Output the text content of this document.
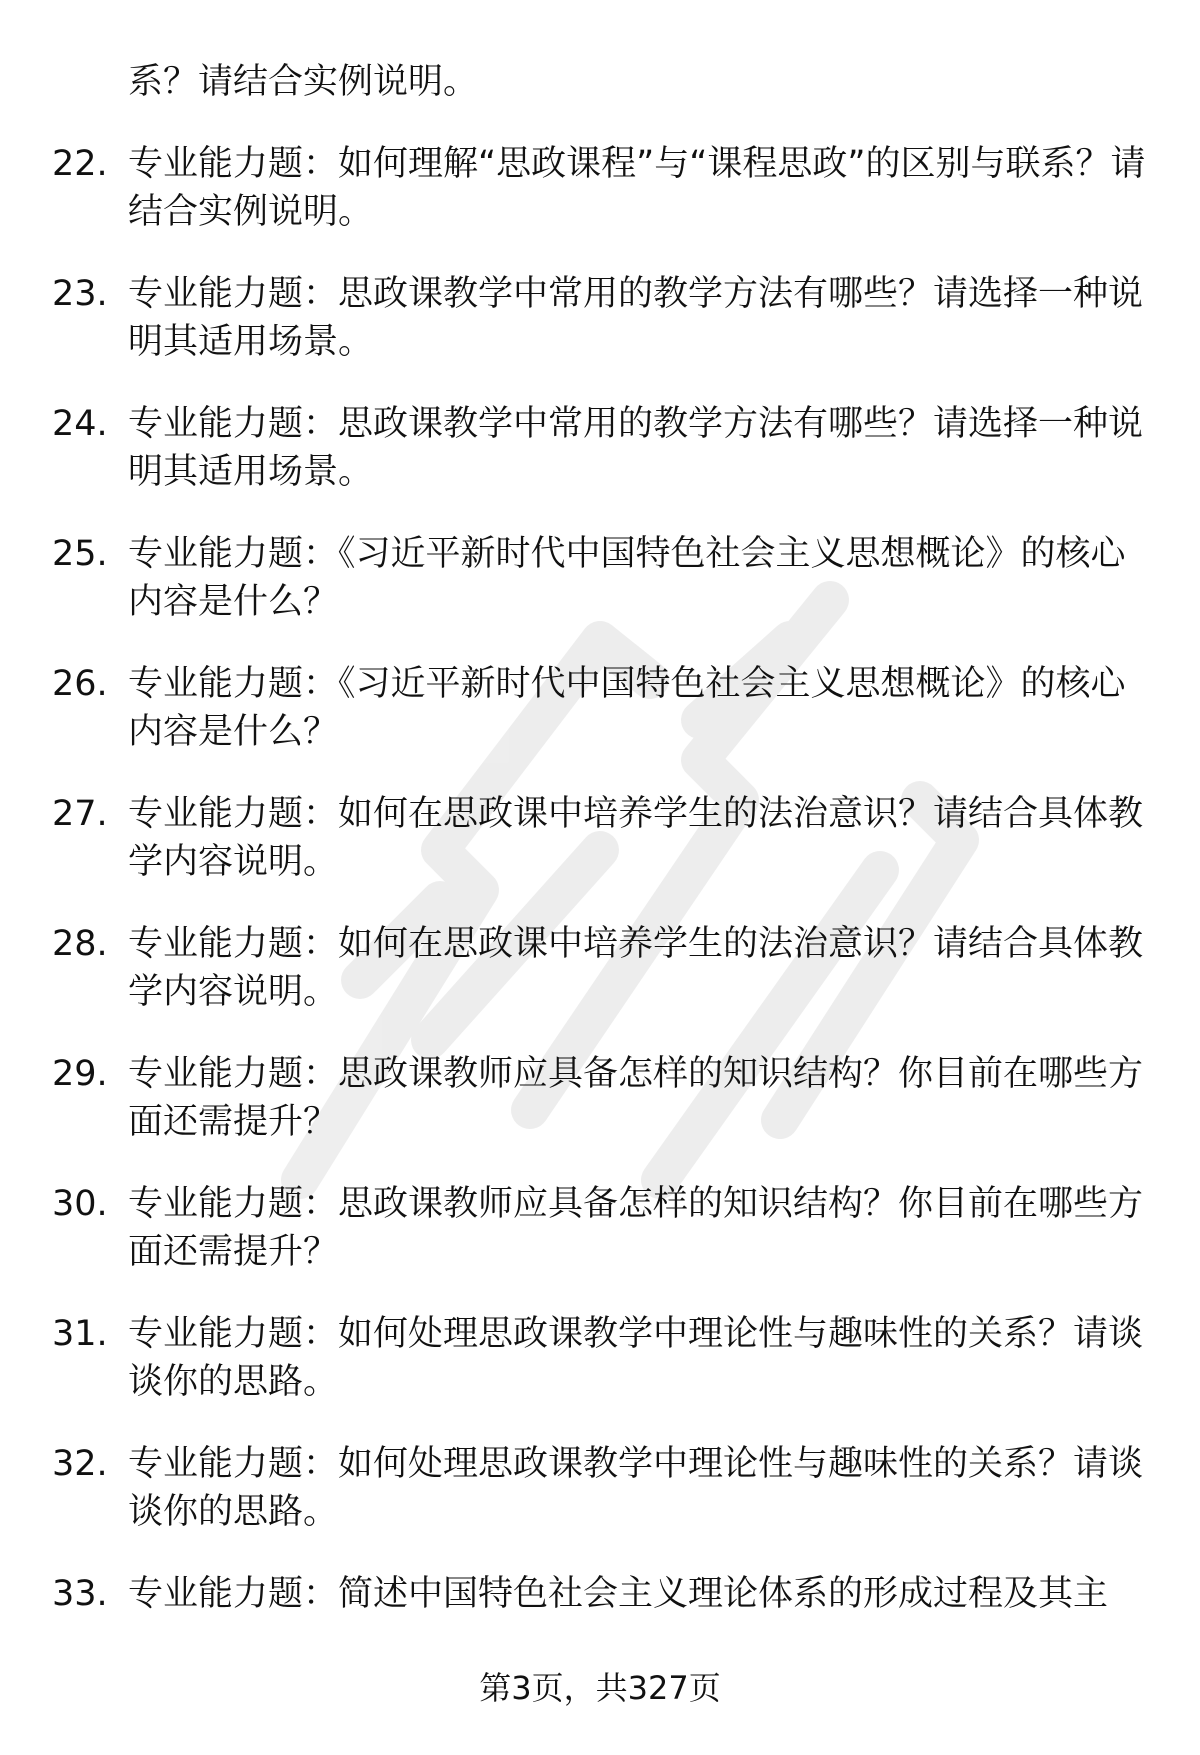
系？请结合实例说明。
22. 专业能力题：如何理解“思政课程”与“课程思政”的区别与联系？请结合实例说明。
23. 专业能力题：思政课教学中常用的教学方法有哪些？请选择一种说明其适用场景。
24. 专业能力题：思政课教学中常用的教学方法有哪些？请选择一种说明其适用场景。
25. 专业能力题：《习近平新时代中国特色社会主义思想概论》的核心内容是什么？
26. 专业能力题：《习近平新时代中国特色社会主义思想概论》的核心内容是什么？
27. 专业能力题：如何在思政课中培养学生的法治意识？请结合具体教学内容说明。
28. 专业能力题：如何在思政课中培养学生的法治意识？请结合具体教学内容说明。
29. 专业能力题：思政课教师应具备怎样的知识结构？你目前在哪些方面还需提升？
30. 专业能力题：思政课教师应具备怎样的知识结构？你目前在哪些方面还需提升？
31. 专业能力题：如何处理思政课教学中理论性与趣味性的关系？请谈谈你的思路。
32. 专业能力题：如何处理思政课教学中理论性与趣味性的关系？请谈谈你的思路。
33. 专业能力题：简述中国特色社会主义理论体系的形成过程及其主
第3页，共327页
